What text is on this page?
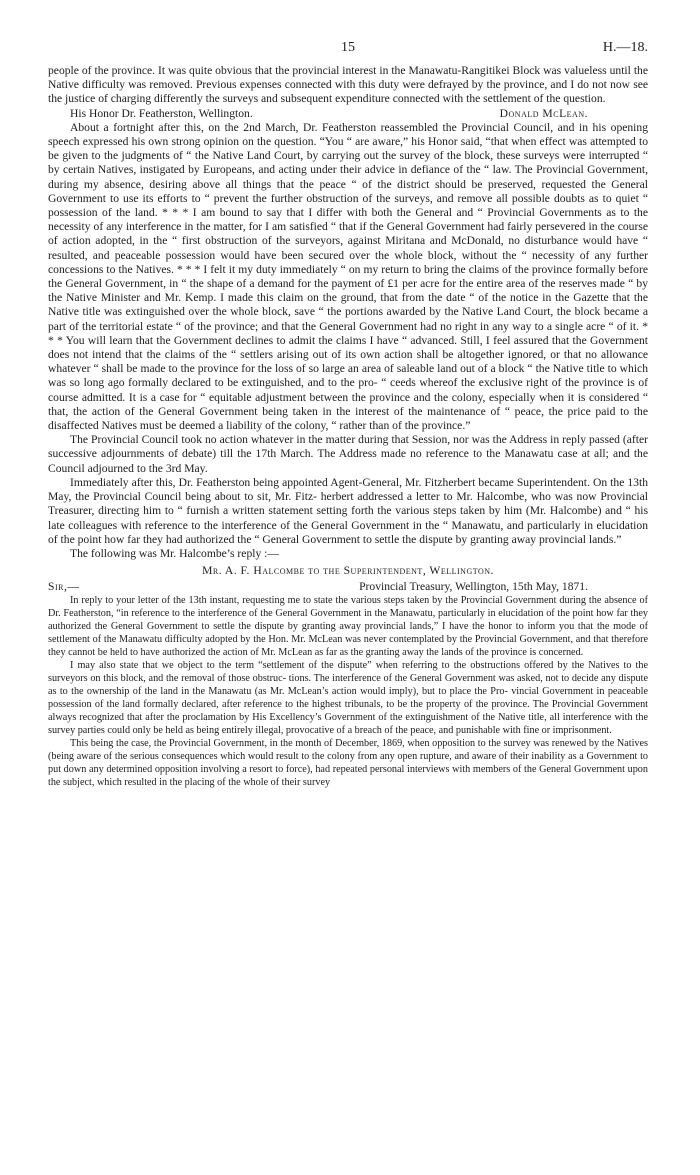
15	H.—18.

people of the province. It was quite obvious that the provincial interest in the Manawatu-Rangitikei Block was valueless until the Native difficulty was removed. Previous expenses connected with this duty were defrayed by the province, and I do not now see the justice of charging differently the surveys and subsequent expenditure connected with the settlement of the question.

His Honor Dr. Featherston, Wellington.	Donald McLean.

About a fortnight after this, on the 2nd March, Dr. Featherston reassembled the Provincial Council, and in his opening speech expressed his own strong opinion on the question. “You “ are aware,” his Honor said, “that when effect was attempted to be given to the judgments of “ the Native Land Court, by carrying out the survey of the block, these surveys were interrupted “ by certain Natives, instigated by Europeans, and acting under their advice in defiance of the “ law. The Provincial Government, during my absence, desiring above all things that the peace “ of the district should be preserved, requested the General Government to use its efforts to “ prevent the further obstruction of the surveys, and remove all possible doubts as to quiet “ possession of the land. * * * I am bound to say that I differ with both the General and “ Provincial Governments as to the necessity of any interference in the matter, for I am satisfied “ that if the General Government had fairly persevered in the course of action adopted, in the “ first obstruction of the surveyors, against Miritana and McDonald, no disturbance would have “ resulted, and peaceable possession would have been secured over the whole block, without the “ necessity of any further concessions to the Natives. * * * I felt it my duty immediately “ on my return to bring the claims of the province formally before the General Government, in “ the shape of a demand for the payment of £1 per acre for the entire area of the reserves made “ by the Native Minister and Mr. Kemp. I made this claim on the ground, that from the date “ of the notice in the Gazette that the Native title was extinguished over the whole block, save “ the portions awarded by the Native Land Court, the block became a part of the territorial estate “ of the province; and that the General Government had no right in any way to a single acre “ of it. * * * You will learn that the Government declines to admit the claims I have “ advanced. Still, I feel assured that the Government does not intend that the claims of the “ settlers arising out of its own action shall be altogether ignored, or that no allowance whatever “ shall be made to the province for the loss of so large an area of saleable land out of a block “ the Native title to which was so long ago formally declared to be extinguished, and to the pro- “ ceeds whereof the exclusive right of the province is of course admitted. It is a case for “ equitable adjustment between the province and the colony, especially when it is considered “ that, the action of the General Government being taken in the interest of the maintenance of “ peace, the price paid to the disaffected Natives must be deemed a liability of the colony, “ rather than of the province.”

The Provincial Council took no action whatever in the matter during that Session, nor was the Address in reply passed (after successive adjournments of debate) till the 17th March. The Address made no reference to the Manawatu case at all; and the Council adjourned to the 3rd May.

Immediately after this, Dr. Featherston being appointed Agent-General, Mr. Fitzherbert became Superintendent. On the 13th May, the Provincial Council being about to sit, Mr. Fitz- herbert addressed a letter to Mr. Halcombe, who was now Provincial Treasurer, directing him to “ furnish a written statement setting forth the various steps taken by him (Mr. Halcombe) and “ his late colleagues with reference to the interference of the General Government in the “ Manawatu, and particularly in elucidation of the point how far they had authorized the “ General Government to settle the dispute by granting away provincial lands.”

The following was Mr. Halcombe’s reply :—

Mr. A. F. Halcombe to the Superintendent, Wellington.
Sir,—	Provincial Treasury, Wellington, 15th May, 1871.

In reply to your letter of the 13th instant, requesting me to state the various steps taken by the Provincial Government during the absence of Dr. Featherston, “in reference to the interference of the General Government in the Manawatu, particularly in elucidation of the point how far they authorized the General Government to settle the dispute by granting away provincial lands,” I have the honor to inform you that the mode of settlement of the Manawatu difficulty adopted by the Hon. Mr. McLean was never contemplated by the Provincial Government, and that therefore they cannot be held to have authorized the action of Mr. McLean as far as the granting away the lands of the province is concerned.

I may also state that we object to the term “settlement of the dispute” when referring to the obstructions offered by the Natives to the surveyors on this block, and the removal of those obstruc- tions. The interference of the General Government was asked, not to decide any dispute as to the ownership of the land in the Manawatu (as Mr. McLean’s action would imply), but to place the Pro- vincial Government in peaceable possession of the land formally declared, after reference to the highest tribunals, to be the property of the province. The Provincial Government always recognized that after the proclamation by His Excellency’s Government of the extinguishment of the Native title, all interference with the survey parties could only be held as being entirely illegal, provocative of a breach of the peace, and punishable with fine or imprisonment.

This being the case, the Provincial Government, in the month of December, 1869, when opposition to the survey was renewed by the Natives (being aware of the serious consequences which would result to the colony from any open rupture, and aware of their inability as a Government to put down any determined opposition involving a resort to force), had repeated personal interviews with members of the General Government upon the subject, which resulted in the placing of the whole of their survey
